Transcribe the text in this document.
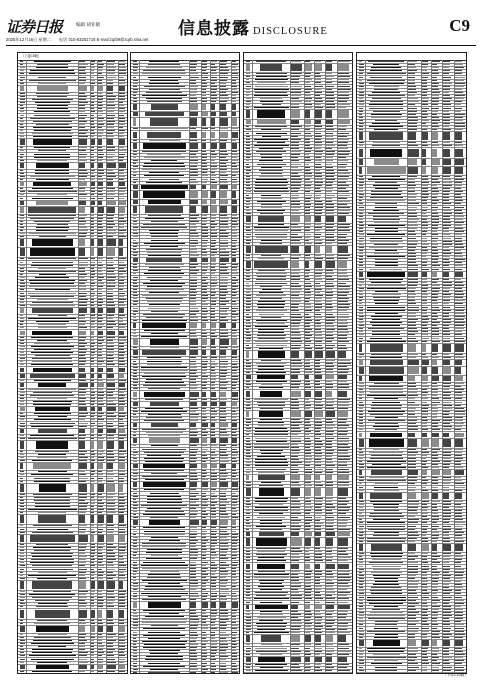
证券日报	编辑 胡亚敏
2025年12月16日 星期二 电话 010-83251716 E-mail:zqrb9@zqrb.sina.net
信息披露 DISCLOSURE	C9
（上接C8版）
（下转C10版）
